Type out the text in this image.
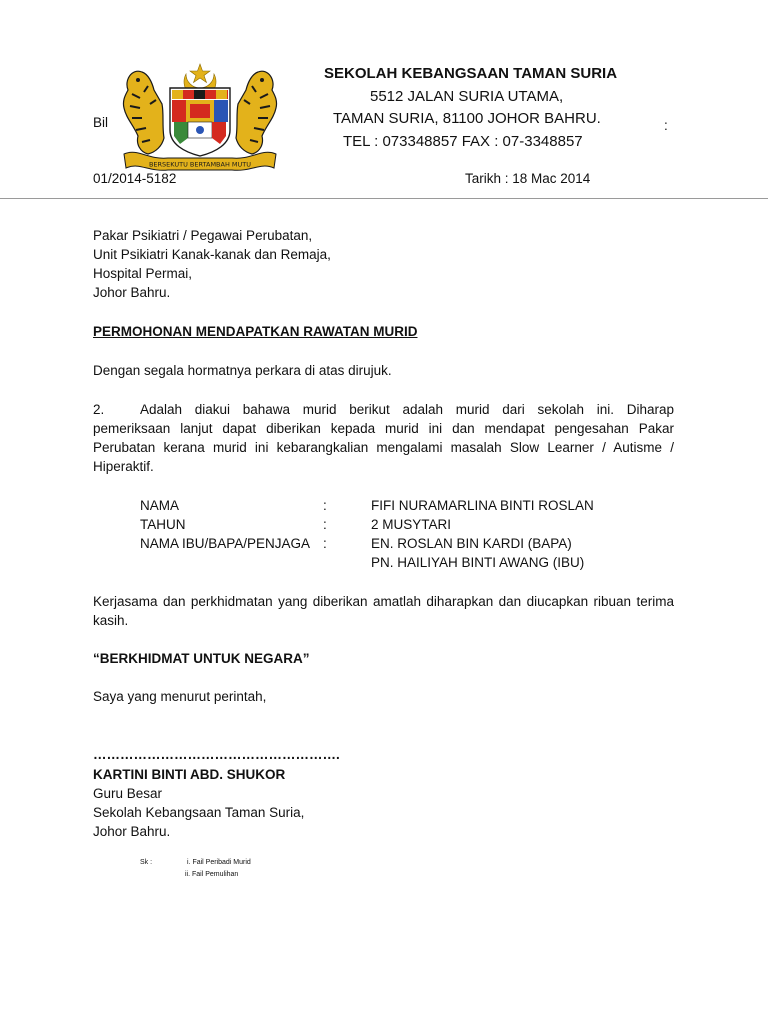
Bil	:
BERSEKUTU BERTAMBAH MUTU
SEKOLAH KEBANGSAAN TAMAN SURIA
5512 JALAN SURIA UTAMA,
TAMAN SURIA, 81100 JOHOR BAHRU.
TEL : 073348857 FAX : 07-3348857
01/2014-5182	Tarikh : 18 Mac 2014
Pakar Psikiatri / Pegawai Perubatan,
Unit Psikiatri Kanak-kanak dan Remaja,
Hospital Permai,
Johor Bahru.
PERMOHONAN MENDAPATKAN RAWATAN MURID
Dengan segala hormatnya perkara di atas dirujuk.
2.	Adalah diakui bahawa murid berikut adalah murid dari sekolah ini. Diharap
pemeriksaan lanjut dapat diberikan kepada murid ini dan mendapat pengesahan Pakar Perubatan kerana murid ini kebarangkalian mengalami masalah Slow Learner / Autisme / Hiperaktif.
NAMA	:	FIFI NURAMARLINA BINTI ROSLAN
TAHUN	:	2 MUSYTARI
NAMA IBU/BAPA/PENJAGA :	EN. ROSLAN BIN KARDI (BAPA)
PN. HAILIYAH BINTI AWANG (IBU)
Kerjasama dan perkhidmatan yang diberikan amatlah diharapkan dan diucapkan ribuan terima kasih.
“BERKHIDMAT UNTUK NEGARA”
Saya yang menurut perintah,
……………………………………………….
KARTINI BINTI ABD. SHUKOR
Guru Besar
Sekolah Kebangsaan Taman Suria,
Johor Bahru.
Sk :	i. Fail Peribadi Murid
ii. Fail Pemulihan
